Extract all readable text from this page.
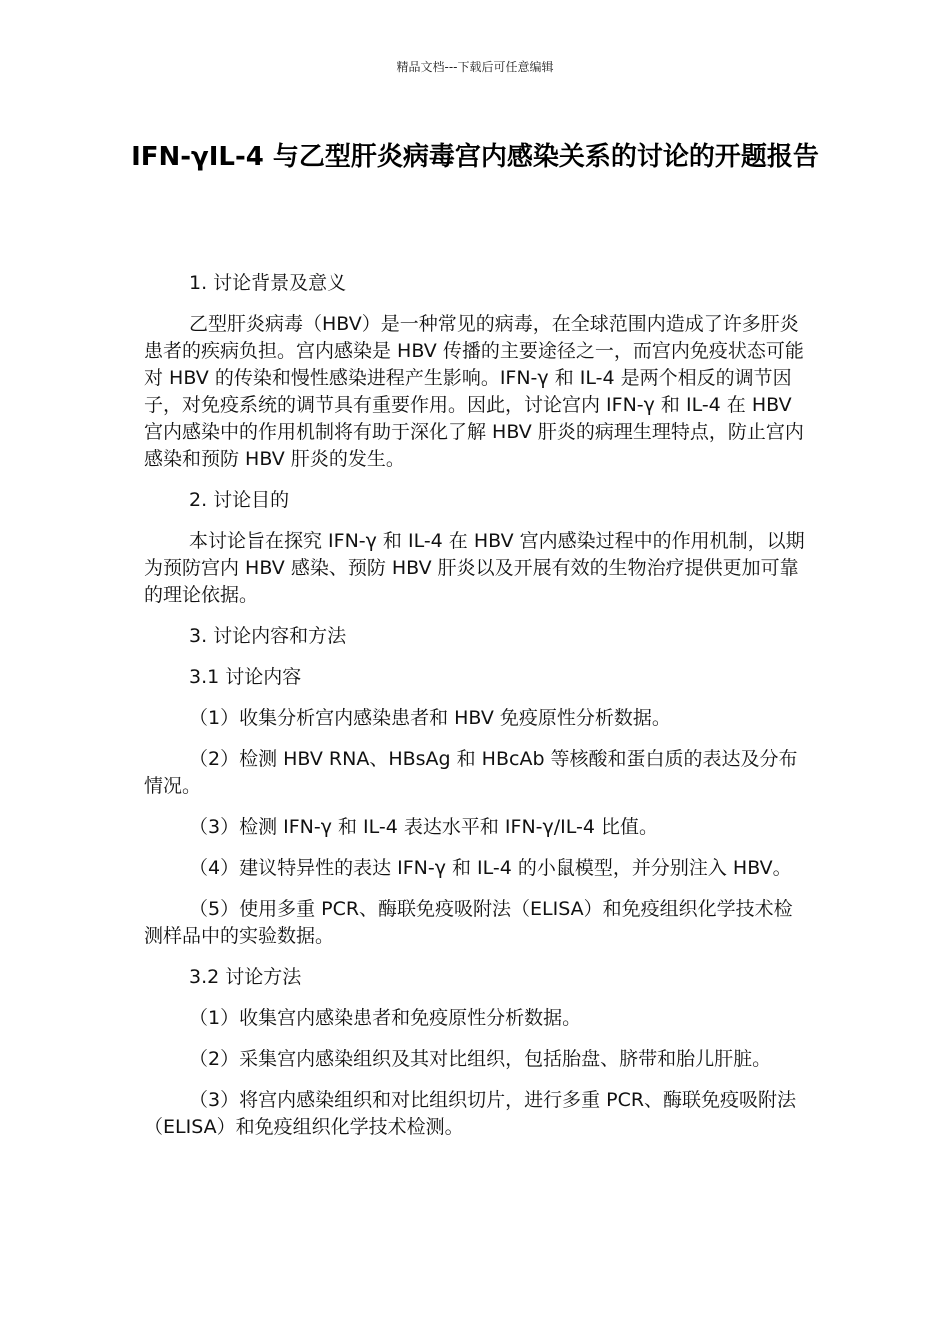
精品文档---下载后可任意编辑
IFN-γIL-4 与乙型肝炎病毒宫内感染关系的讨论的开题报告
1. 讨论背景及意义
乙型肝炎病毒（HBV）是一种常见的病毒，在全球范围内造成了许多肝炎患者的疾病负担。宫内感染是 HBV 传播的主要途径之一，而宫内免疫状态可能对 HBV 的传染和慢性感染进程产生影响。IFN-γ 和 IL-4 是两个相反的调节因子，对免疫系统的调节具有重要作用。因此，讨论宫内 IFN-γ 和 IL-4 在 HBV 宫内感染中的作用机制将有助于深化了解 HBV 肝炎的病理生理特点，防止宫内感染和预防 HBV 肝炎的发生。
2. 讨论目的
本讨论旨在探究 IFN-γ 和 IL-4 在 HBV 宫内感染过程中的作用机制，以期为预防宫内 HBV 感染、预防 HBV 肝炎以及开展有效的生物治疗提供更加可靠的理论依据。
3. 讨论内容和方法
3.1 讨论内容
（1）收集分析宫内感染患者和 HBV 免疫原性分析数据。
（2）检测 HBV RNA、HBsAg 和 HBcAb 等核酸和蛋白质的表达及分布情况。
（3）检测 IFN-γ 和 IL-4 表达水平和 IFN-γ/IL-4 比值。
（4）建议特异性的表达 IFN-γ 和 IL-4 的小鼠模型，并分别注入 HBV。
（5）使用多重 PCR、酶联免疫吸附法（ELISA）和免疫组织化学技术检测样品中的实验数据。
3.2 讨论方法
（1）收集宫内感染患者和免疫原性分析数据。
（2）采集宫内感染组织及其对比组织，包括胎盘、脐带和胎儿肝脏。
（3）将宫内感染组织和对比组织切片，进行多重 PCR、酶联免疫吸附法（ELISA）和免疫组织化学技术检测。
